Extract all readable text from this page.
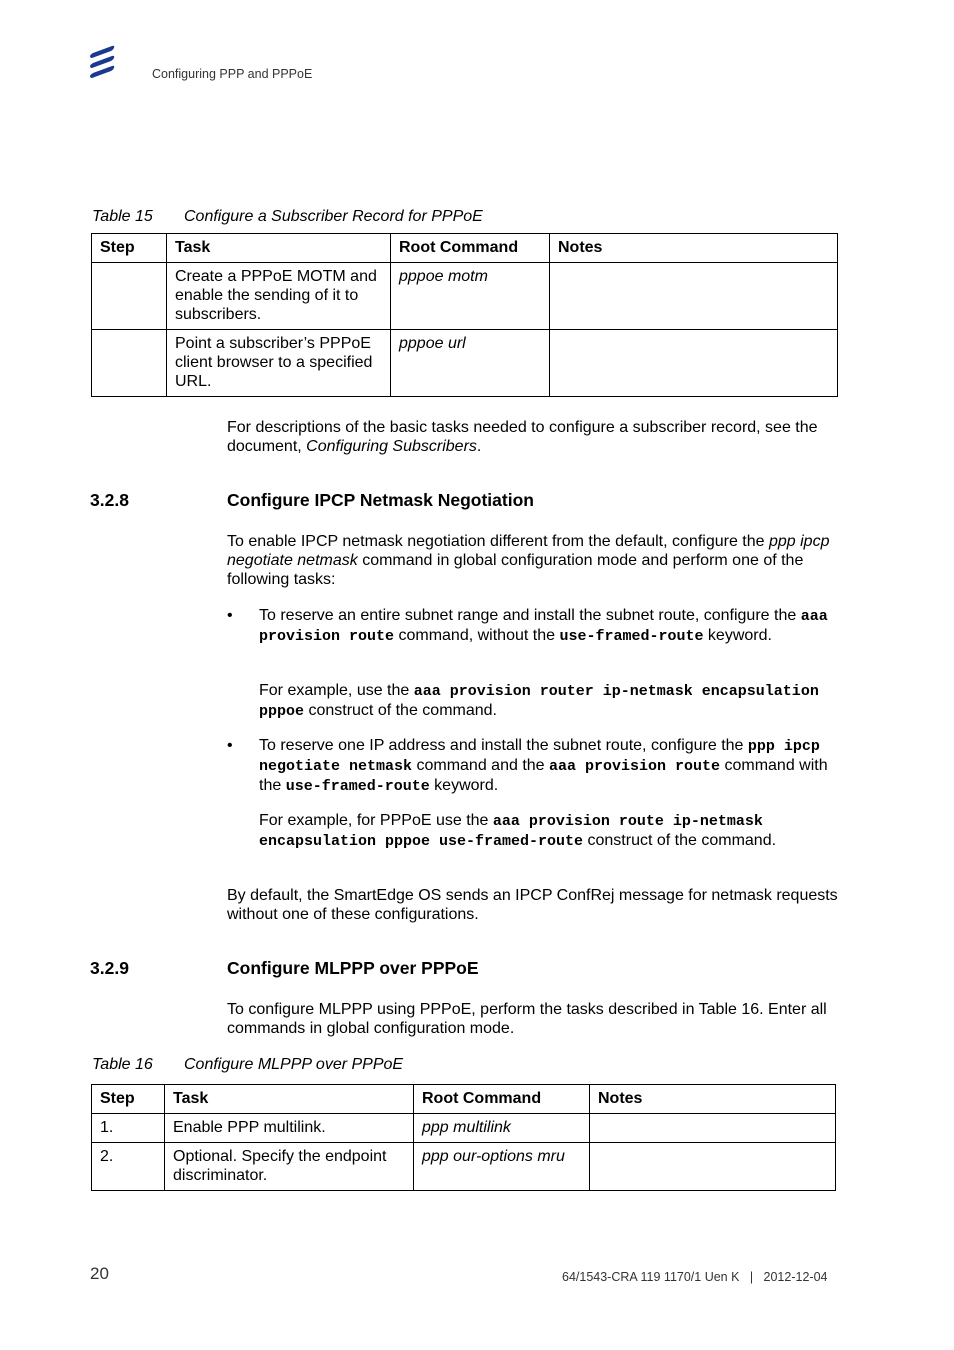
Configuring PPP and PPPoE
Table 15 Configure a Subscriber Record for PPPoE
Step	Task	Root Command	Notes
	Create a PPPoE MOTM and enable the sending of it to subscribers.	pppoe motm	
	Point a subscriber’s PPPoE client browser to a specified URL.	pppoe url	
For descriptions of the basic tasks needed to configure a subscriber record, see the document, Configuring Subscribers.
3.2.8	Configure IPCP Netmask Negotiation
To enable IPCP netmask negotiation different from the default, configure the ppp ipcp negotiate netmask command in global configuration mode and perform one of the following tasks:
• To reserve an entire subnet range and install the subnet route, configure the aaa provision route command, without the use-framed-route keyword.
For example, use the aaa provision router ip-netmask encapsulation pppoe construct of the command.
• To reserve one IP address and install the subnet route, configure the ppp ipcp negotiate netmask command and the aaa provision route command with the use-framed-route keyword.
For example, for PPPoE use the aaa provision route ip-netmask encapsulation pppoe use-framed-route construct of the command.
By default, the SmartEdge OS sends an IPCP ConfRej message for netmask requests without one of these configurations.
3.2.9	Configure MLPPP over PPPoE
To configure MLPPP using PPPoE, perform the tasks described in Table 16. Enter all commands in global configuration mode.
Table 16 Configure MLPPP over PPPoE
Step	Task	Root Command	Notes
1.	Enable PPP multilink.	ppp multilink	
2.	Optional. Specify the endpoint discriminator.	ppp our-options mru	
20	64/1543-CRA 119 1170/1 Uen K   |   2012-12-04
